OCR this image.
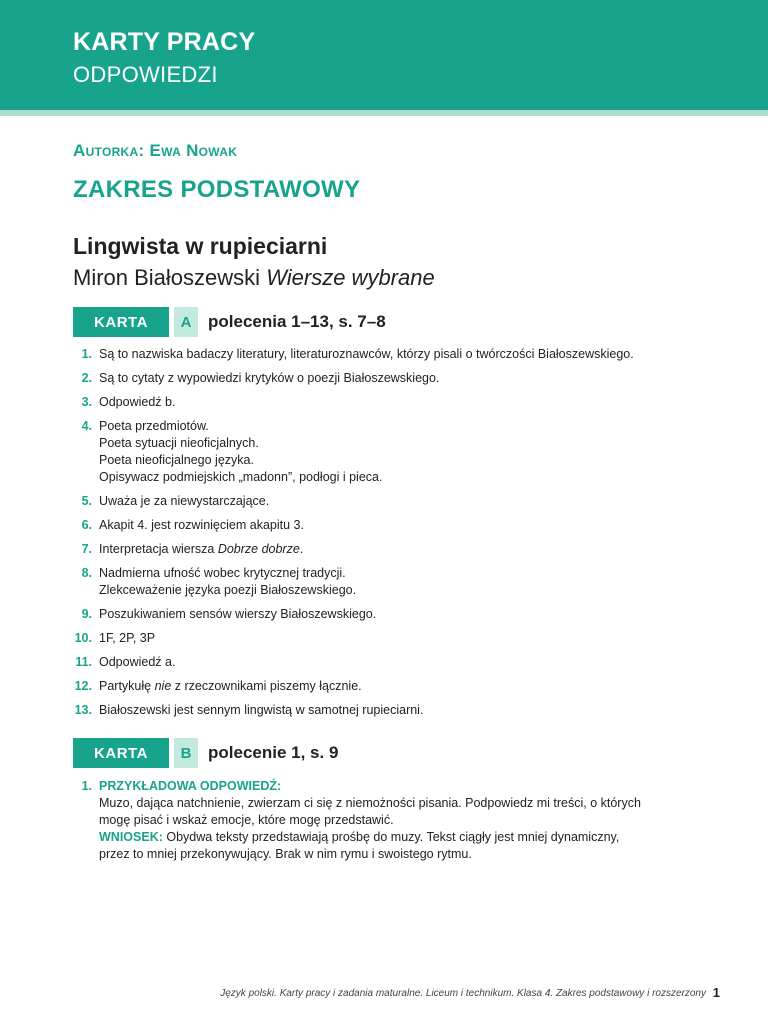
KARTY PRACY
ODPOWIEDZI
Autorka: Ewa Nowak
ZAKRES PODSTAWOWY
Lingwista w rupieciarni
Miron Białoszewski Wiersze wybrane
KARTA	A polecenia 1–13, s. 7–8
1. Są to nazwiska badaczy literatury, literaturoznawców, którzy pisali o twórczości Białoszewskiego.
2. Są to cytaty z wypowiedzi krytyków o poezji Białoszewskiego.
3. Odpowiedź b.
4. Poeta przedmiotów.
Poeta sytuacji nieoficjalnych.
Poeta nieoficjalnego języka.
Opisywacz podmiejskich „madonn”, podłogi i pieca.
5. Uważa je za niewystarczające.
6. Akapit 4. jest rozwinięciem akapitu 3.
7. Interpretacja wiersza Dobrze dobrze.
8. Nadmierna ufność wobec krytycznej tradycji.
Zlekceważenie języka poezji Białoszewskiego.
9. Poszukiwaniem sensów wierszy Białoszewskiego.
10. 1F, 2P, 3P
11. Odpowiedź a.
12. Partykułę nie z rzeczownikami piszemy łącznie.
13. Białoszewski jest sennym lingwistą w samotnej rupieciarni.
KARTA	B polecenie 1, s. 9
1. PRZYKŁADOWA ODPOWIEDŹ:
Muzo, dająca natchnienie, zwierzam ci się z niemożności pisania. Podpowiedz mi treści, o których
mogę pisać i wskaż emocje, które mogę przedstawić.
WNIOSEK: Obydwa teksty przedstawiają prośbę do muzy. Tekst ciągły jest mniej dynamiczny,
przez to mniej przekonywujący. Brak w nim rymu i swoistego rytmu.
Język polski. Karty pracy i zadania maturalne. Liceum i technikum. Klasa 4. Zakres podstawowy i rozszerzony 1
